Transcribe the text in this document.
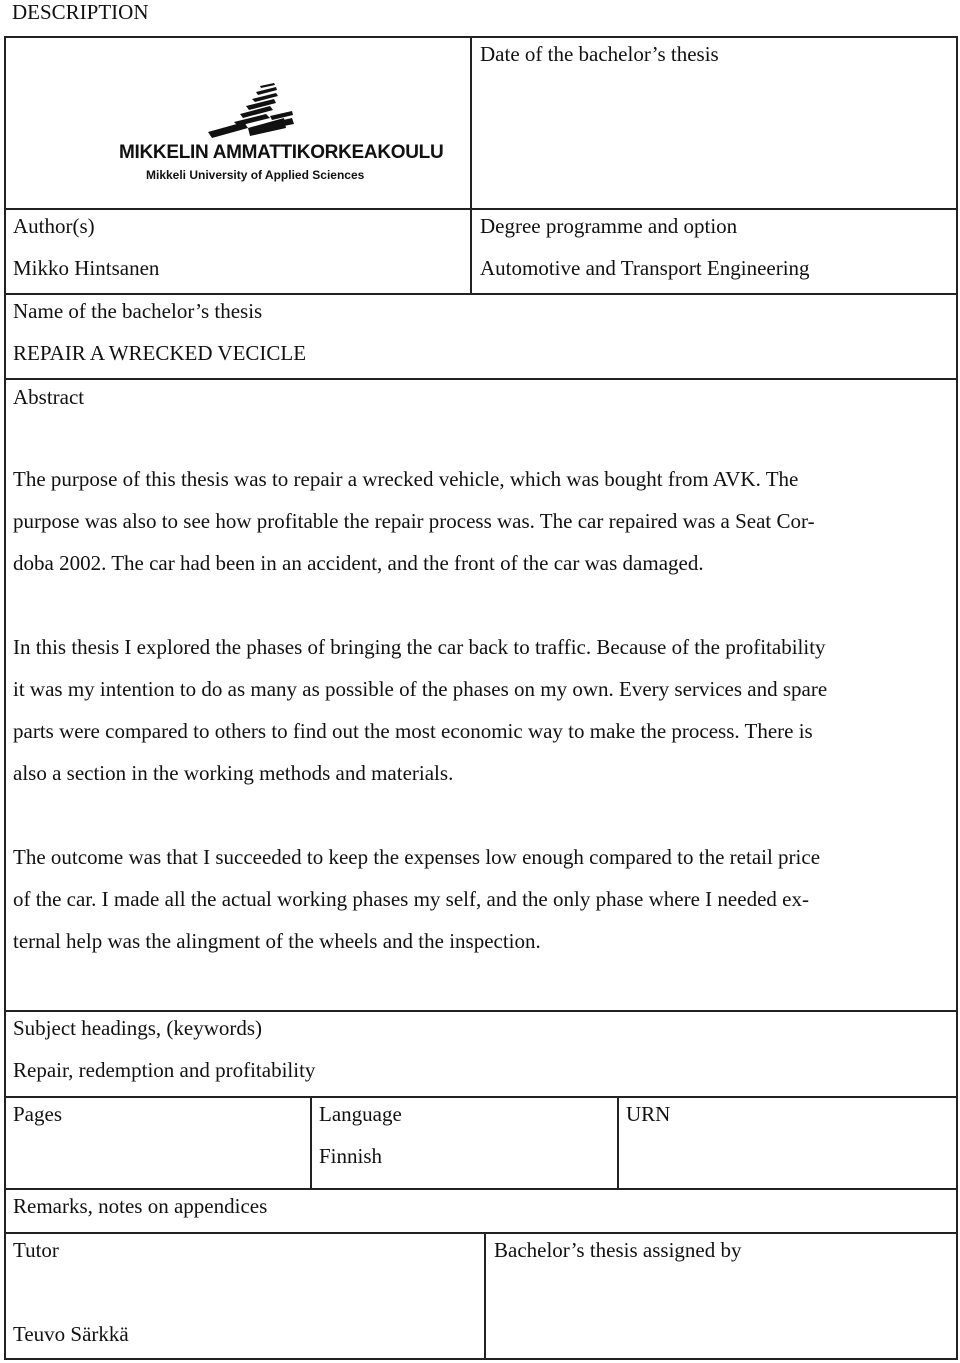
DESCRIPTION
MIKKELIN AMMATTIKORKEAKOULU
Mikkeli University of Applied Sciences
Date of the bachelor’s thesis
Author(s)
Mikko Hintsanen
Degree programme and option
Automotive and Transport Engineering
Name of the bachelor’s thesis
REPAIR A WRECKED VECICLE
Abstract
The purpose of this thesis was to repair a wrecked vehicle, which was bought from AVK. The
purpose was also to see how profitable the repair process was. The car repaired was a Seat Cor-
doba 2002. The car had been in an accident, and the front of the car was damaged.
In this thesis I explored the phases of bringing the car back to traffic. Because of the profitability
it was my intention to do as many as possible of the phases on my own. Every services and spare
parts were compared to others to find out the most economic way to make the process. There is
also a section in the working methods and materials.
The outcome was that I succeeded to keep the expenses low enough compared to the retail price
of the car. I made all the actual working phases my self, and the only phase where I needed ex-
ternal help was the alingment of the wheels and the inspection.
Subject headings, (keywords)
Repair, redemption and profitability
Pages	Language
Finnish
URN
Remarks, notes on appendices
Tutor
Teuvo Särkkä
Bachelor’s thesis assigned by
